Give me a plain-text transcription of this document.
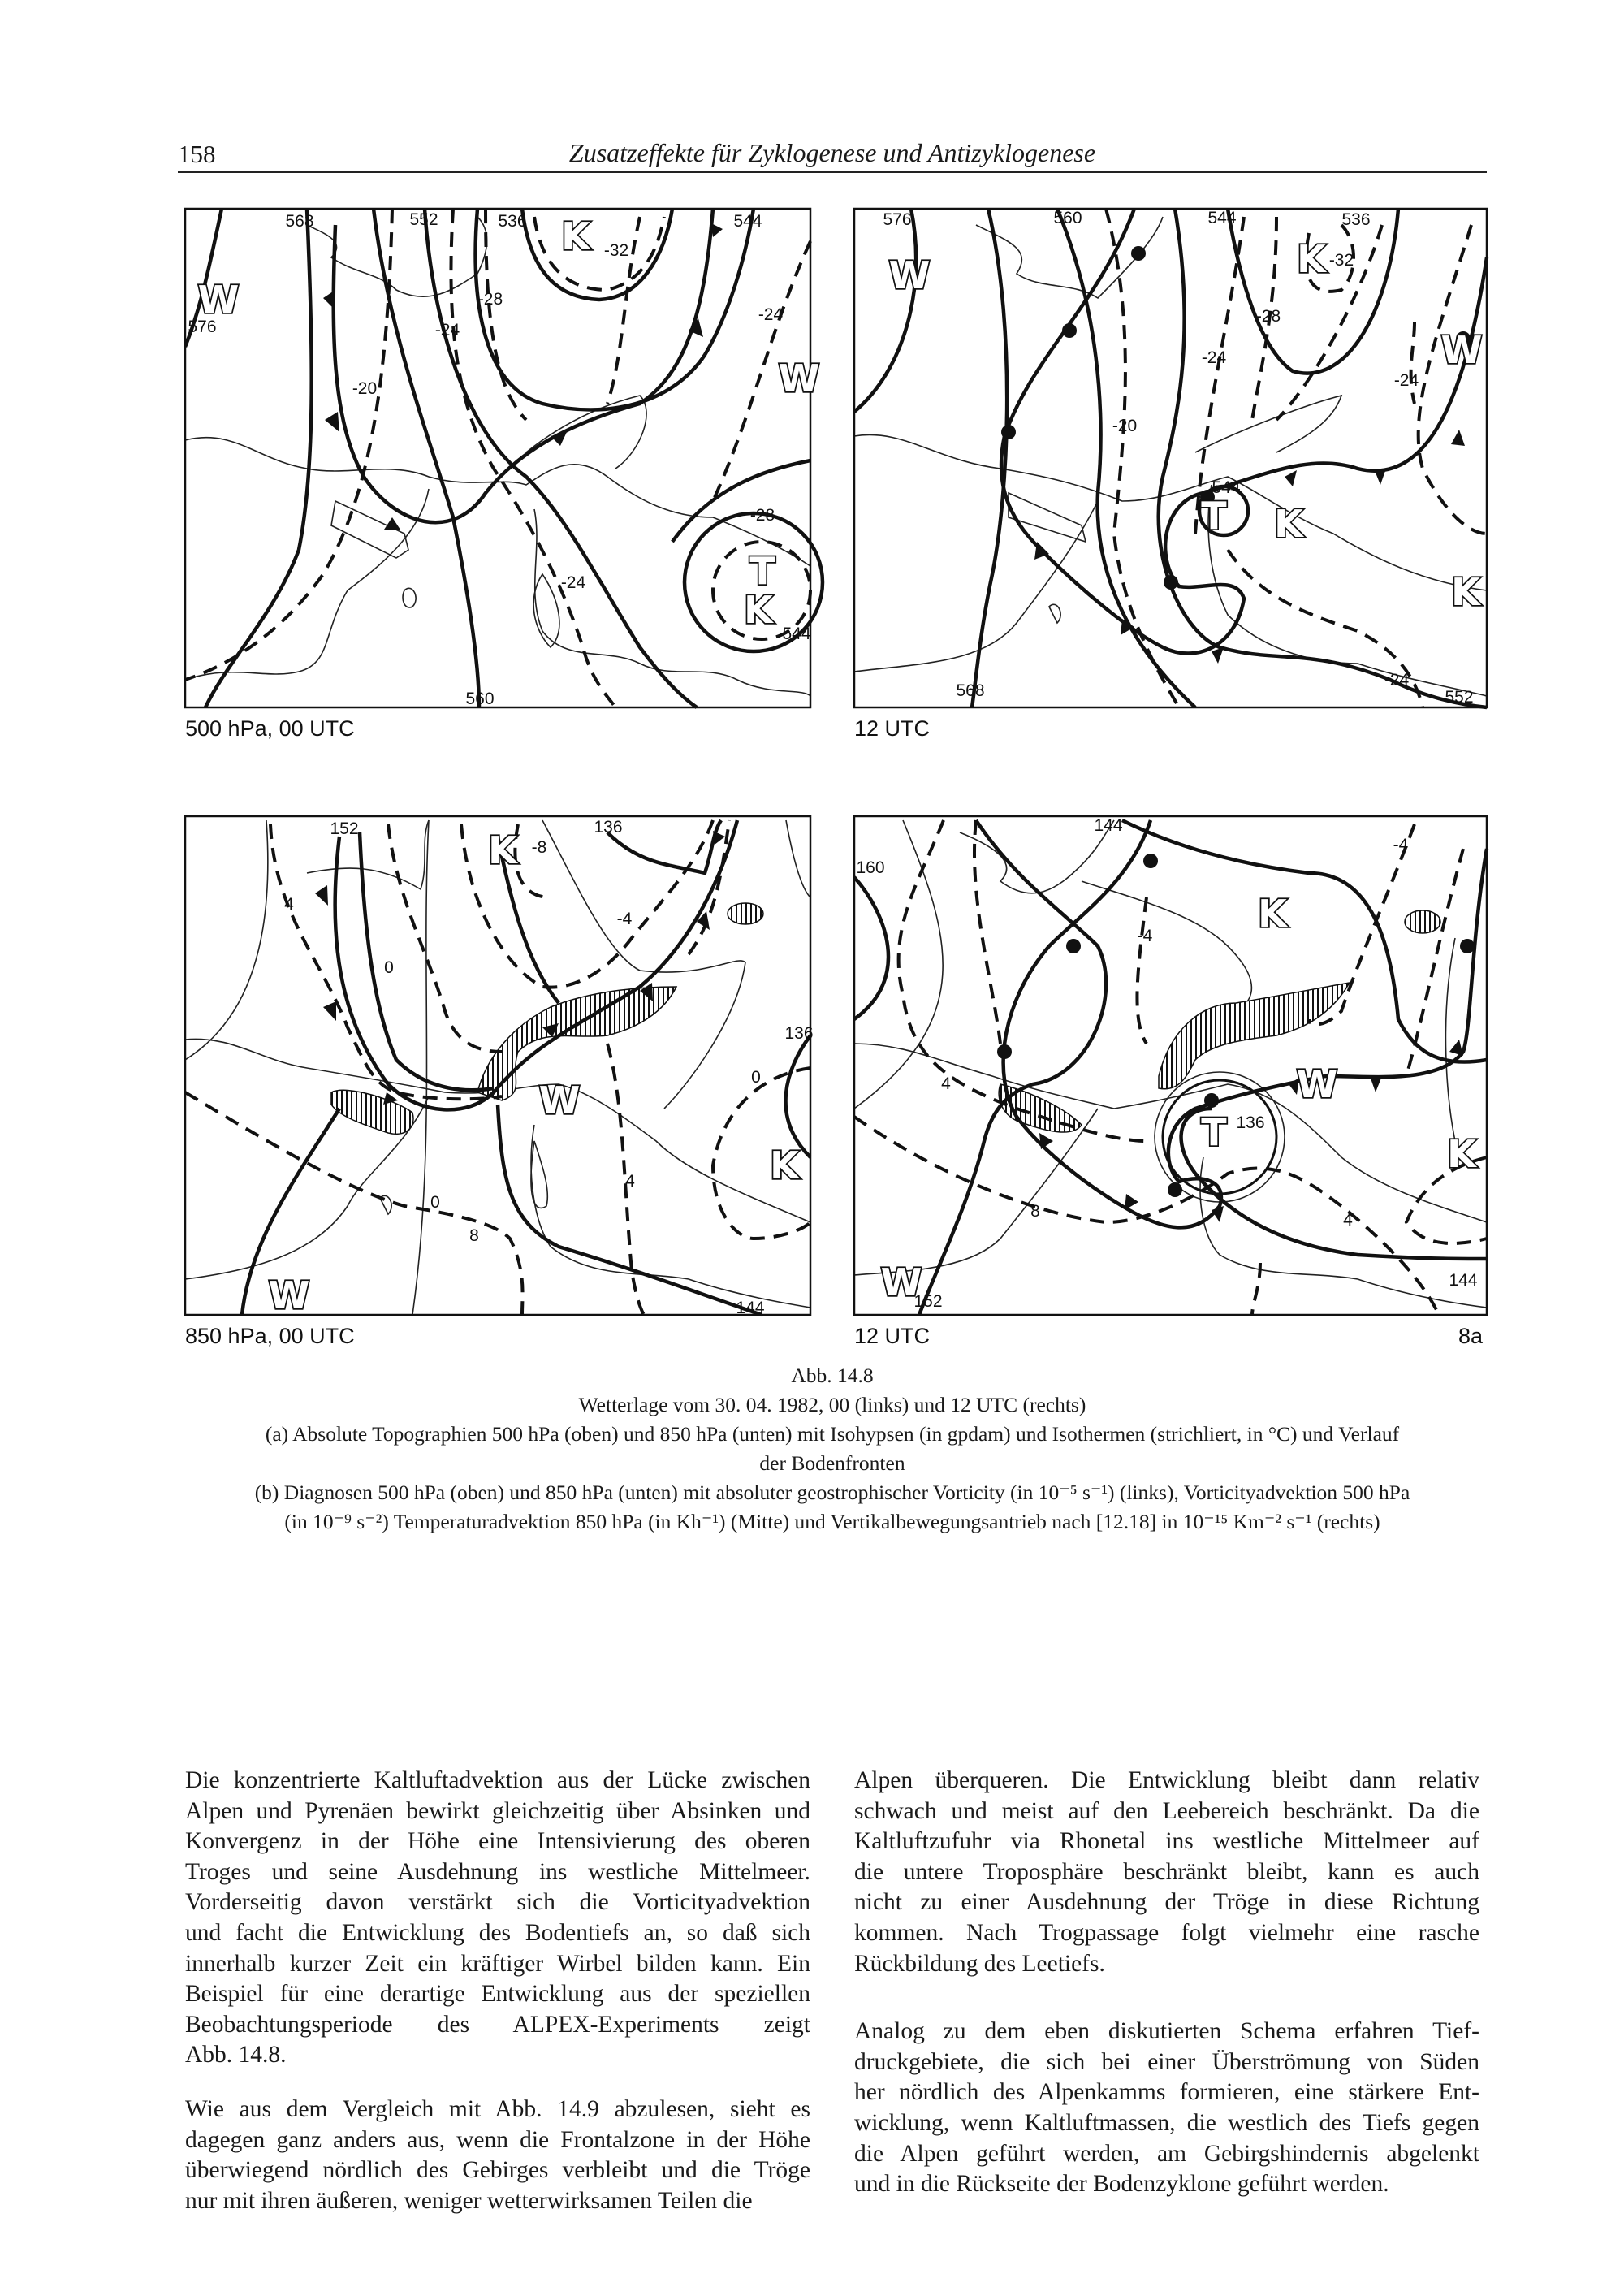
158	Zusatzeffekte für Zyklogenese und Antizyklogenese
568	552	536 K -32
544
W
576
-28
-24
-24
W
-20
-28
T
K
544
-24
560
500 hPa, 00 UTC
576
W
560	544	536
K -32
-28
-24
-24
W
-20
544
T K
K
-24
552
568
12 UTC
152	K -8
136
4
-4
0
136
W
0
K
4
0
8
W	144
850 hPa, 00 UTC
144
-4
160
K
-4
W
T 136
K
4
4
8
W
152
144
12 UTC	8a
Abb. 14.8
Wetterlage vom 30. 04. 1982, 00 (links) und 12 UTC (rechts)
(a) Absolute Topographien 500 hPa (oben) und 850 hPa (unten) mit Isohypsen (in gpdam) und Isothermen (strichliert, in °C) und Verlauf
der Bodenfronten
(b) Diagnosen 500 hPa (oben) und 850 hPa (unten) mit absoluter geostrophischer Vorticity (in 10⁻⁵ s⁻¹) (links), Vorticityadvektion 500 hPa
(in 10⁻⁹ s⁻²) Temperaturadvektion 850 hPa (in Kh⁻¹) (Mitte) und Vertikalbewegungsantrieb nach [12.18] in 10⁻¹⁵ Km⁻² s⁻¹ (rechts)
Die konzentrierte Kaltluftadvektion aus der Lücke zwischen
Alpen und Pyrenäen bewirkt gleichzeitig über Absinken und
Konvergenz in der Höhe eine Intensivierung des oberen
Troges und seine Ausdehnung ins westliche Mittelmeer.
Vorderseitig davon verstärkt sich die Vorticityadvektion
und facht die Entwicklung des Bodentiefs an, so daß sich
innerhalb kurzer Zeit ein kräftiger Wirbel bilden kann. Ein
Beispiel für eine derartige Entwicklung aus der speziellen
Beobachtungsperiode des ALPEX-Experiments zeigt
Abb. 14.8.
Wie aus dem Vergleich mit Abb. 14.9 abzulesen, sieht es
dagegen ganz anders aus, wenn die Frontalzone in der Höhe
überwiegend nördlich des Gebirges verbleibt und die Tröge
nur mit ihren äußeren, weniger wetterwirksamen Teilen die
Alpen überqueren. Die Entwicklung bleibt dann relativ
schwach und meist auf den Leebereich beschränkt. Da die
Kaltluftzufuhr via Rhonetal ins westliche Mittelmeer auf
die untere Troposphäre beschränkt bleibt, kann es auch
nicht zu einer Ausdehnung der Tröge in diese Richtung
kommen. Nach Trogpassage folgt vielmehr eine rasche
Rückbildung des Leetiefs.
Analog zu dem eben diskutierten Schema erfahren Tief-
druckgebiete, die sich bei einer Überströmung von Süden
her nördlich des Alpenkamms formieren, eine stärkere Ent-
wicklung, wenn Kaltluftmassen, die westlich des Tiefs gegen
die Alpen geführt werden, am Gebirgshindernis abgelenkt
und in die Rückseite der Bodenzyklone geführt werden.
